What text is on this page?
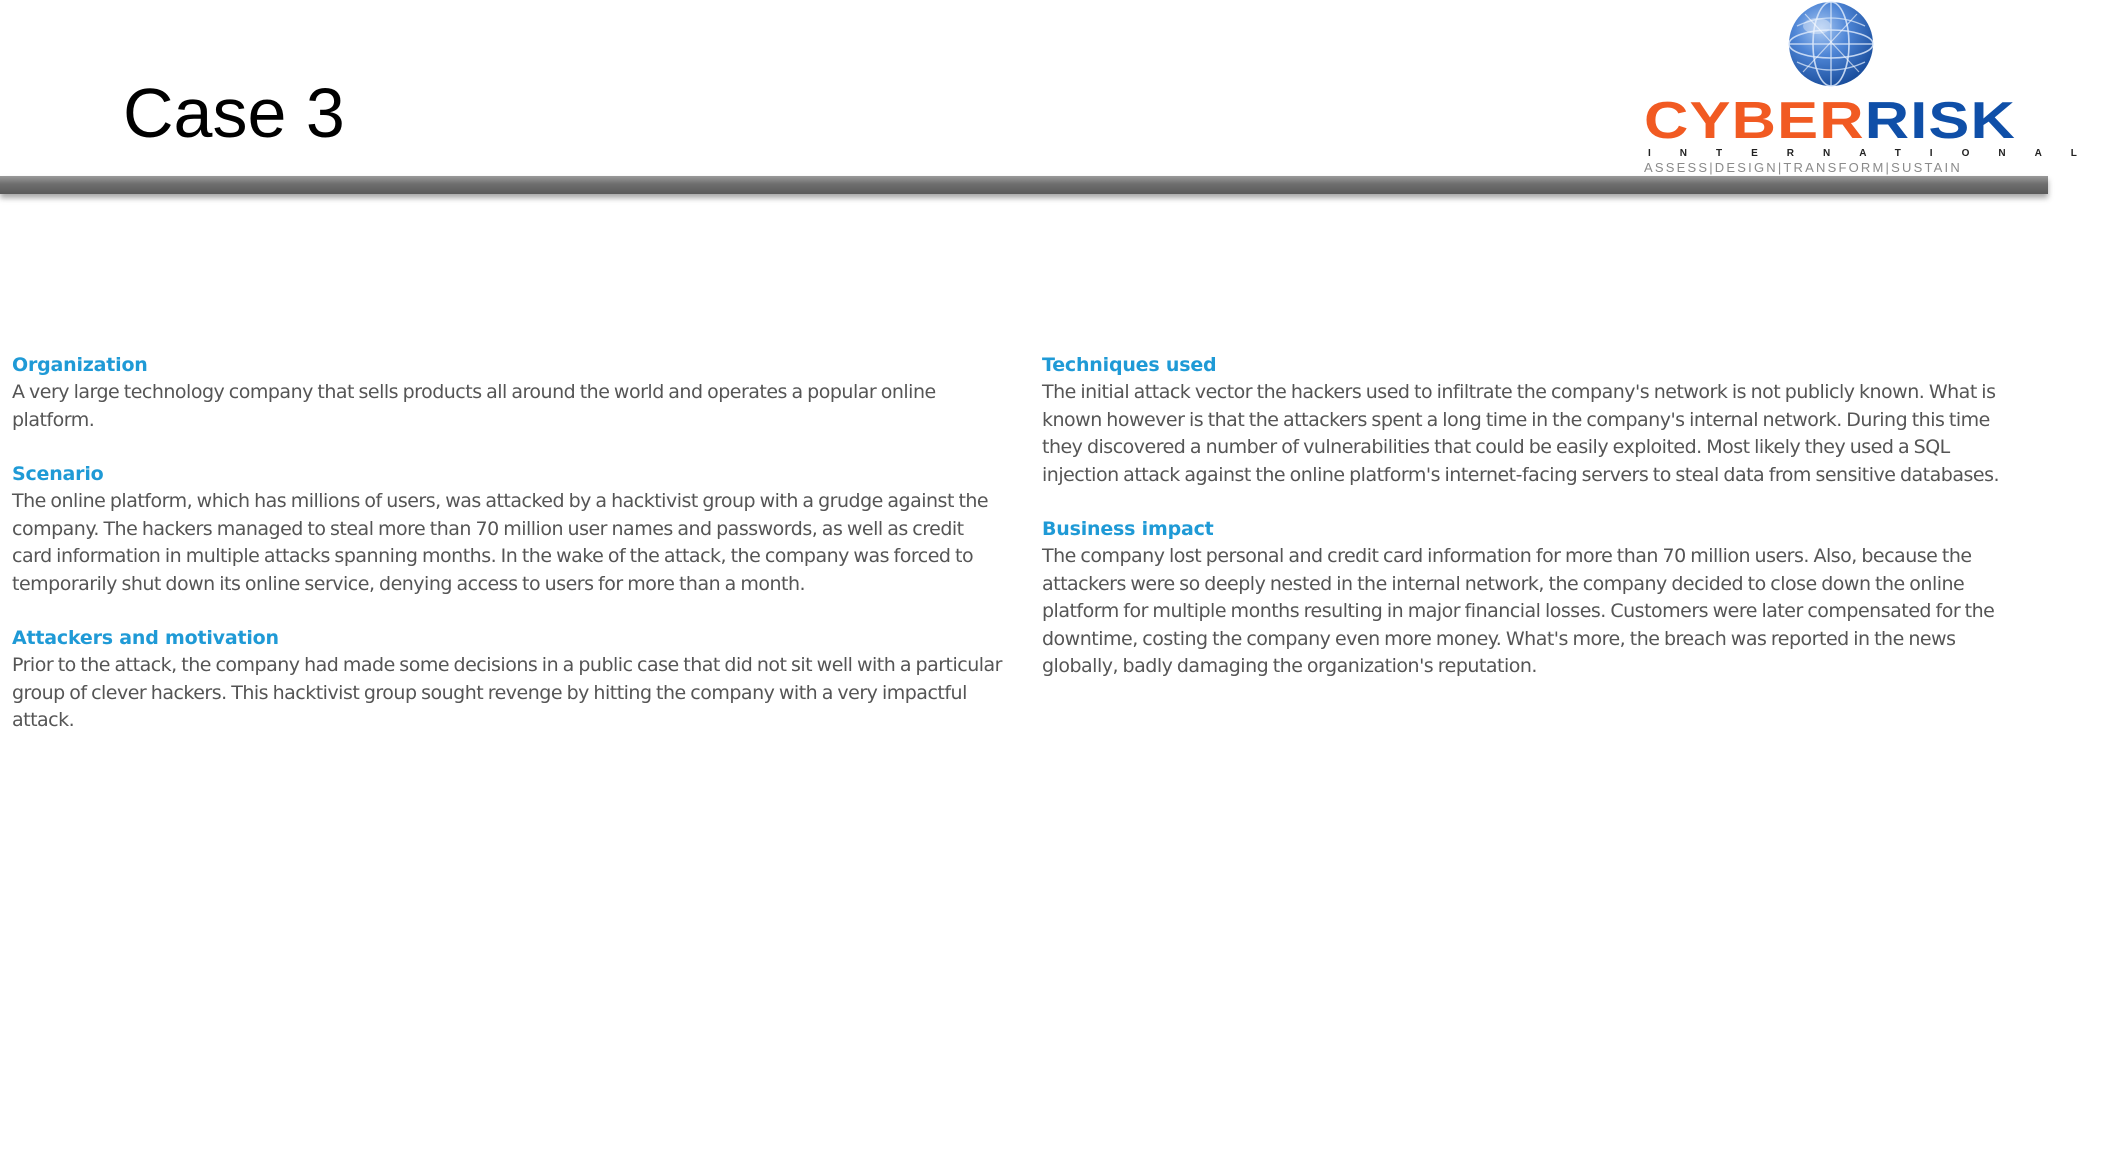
Case 3	CYBERRISK
INTERNATIONAL
ASSESS|DESIGN|TRANSFORM|SUSTAIN

Organization

A very large technology company that sells products all around the world and operates a popular online platform.

Scenario

The online platform, which has millions of users, was attacked by a hacktivist group with a grudge against the company. The hackers managed to steal more than 70 million user names and passwords, as well as credit card information in multiple attacks spanning months. In the wake of the attack, the company was forced to temporarily shut down its online service, denying access to users for more than a month.

Attackers and motivation

Prior to the attack, the company had made some decisions in a public case that did not sit well with a particular group of clever hackers. This hacktivist group sought revenge by hitting the company with a very impactful attack.

Techniques used

The initial attack vector the hackers used to infiltrate the company's network is not publicly known. What is known however is that the attackers spent a long time in the company's internal network. During this time they discovered a number of vulnerabilities that could be easily exploited. Most likely they used a SQL injection attack against the online platform's internet-facing servers to steal data from sensitive databases.

Business impact

The company lost personal and credit card information for more than 70 million users. Also, because the attackers were so deeply nested in the internal network, the company decided to close down the online platform for multiple months resulting in major financial losses. Customers were later compensated for the downtime, costing the company even more money. What's more, the breach was reported in the news globally, badly damaging the organization's reputation.
